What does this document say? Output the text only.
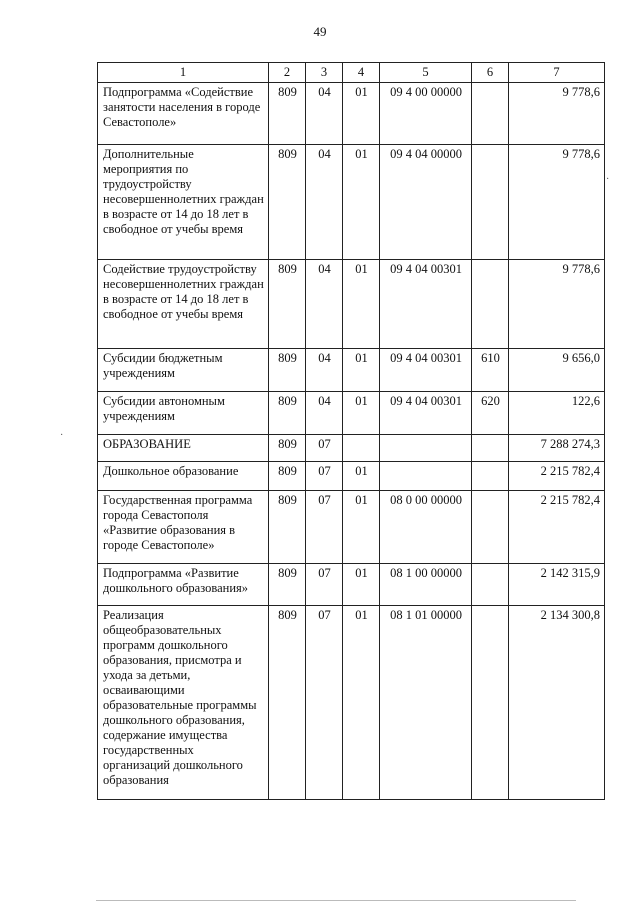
49
1	2	3	4	5	6	7
Подпрограмма «Содействие занятости населения в городе Севастополе»	809	04	01	09 4 00 00000		9 778,6
Дополнительные мероприятия по трудоустройству несовершеннолетних граждан в возрасте от 14 до 18 лет в свободное от учебы время	809	04	01	09 4 04 00000		9 778,6
Содействие трудоустройству несовершеннолетних граждан в возрасте от 14 до 18 лет в свободное от учебы время	809	04	01	09 4 04 00301		9 778,6
Субсидии бюджетным учреждениям	809	04	01	09 4 04 00301	610	9 656,0
Субсидии автономным учреждениям	809	04	01	09 4 04 00301	620	122,6
ОБРАЗОВАНИЕ	809	07				7 288 274,3
Дошкольное образование	809	07	01			2 215 782,4
Государственная программа города Севастополя «Развитие образования в городе Севастополе»	809	07	01	08 0 00 00000		2 215 782,4
Подпрограмма «Развитие дошкольного образования»	809	07	01	08 1 00 00000		2 142 315,9
Реализация общеобразовательных программ дошкольного образования, присмотра и ухода за детьми, осваивающими образовательные программы дошкольного образования, содержание имущества государственных организаций дошкольного образования	809	07	01	08 1 01 00000		2 134 300,8
·
·
